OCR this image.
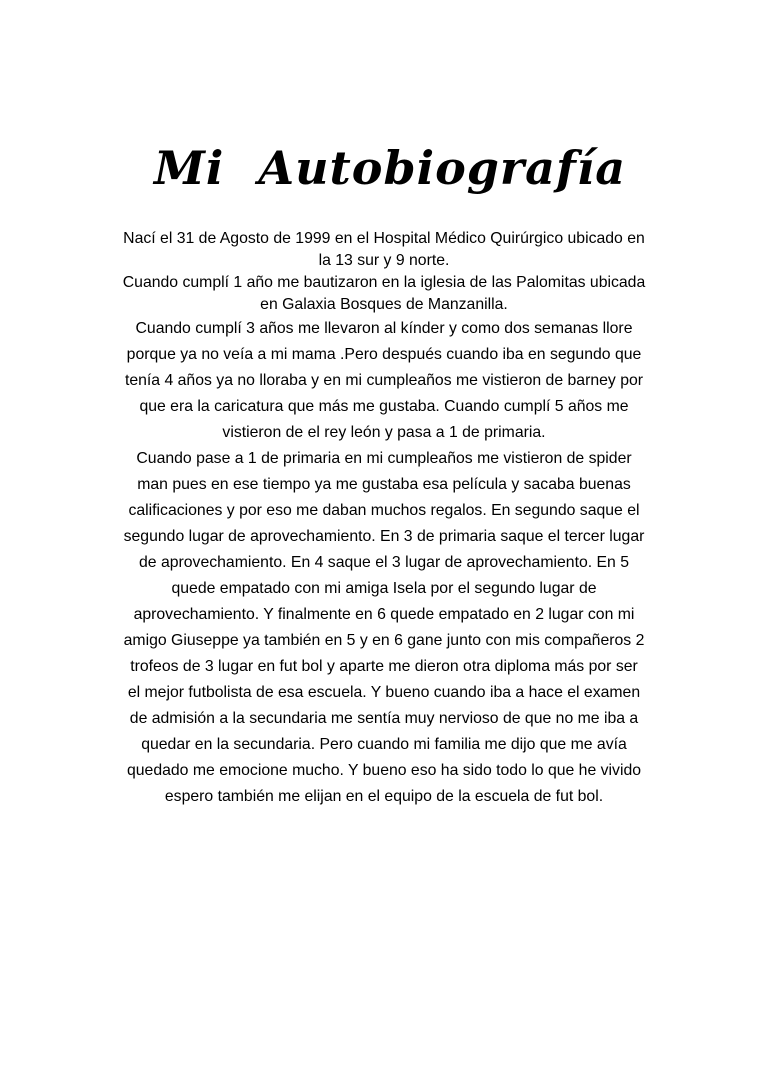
Mi  Autobiografía
Nací el 31 de Agosto de 1999 en el Hospital Médico Quirúrgico ubicado en
la 13 sur y 9 norte.
Cuando cumplí 1 año me bautizaron en la iglesia de las Palomitas ubicada
en Galaxia Bosques de Manzanilla.
Cuando cumplí 3 años me llevaron al kínder y como dos semanas llore
porque ya no veía a mi mama .Pero después cuando iba en segundo que
tenía 4 años ya no lloraba y en mi cumpleaños me vistieron de barney por
que era la caricatura que más me gustaba. Cuando cumplí 5 años me
vistieron de el rey león y pasa a 1 de primaria.
Cuando pase a 1 de primaria en mi cumpleaños me vistieron de spider
man pues en ese tiempo ya me gustaba esa película y sacaba buenas
calificaciones y por eso me daban muchos regalos. En segundo saque el
segundo lugar de aprovechamiento. En 3 de primaria saque el tercer lugar
de aprovechamiento. En 4 saque el 3 lugar de aprovechamiento. En 5
quede empatado con mi amiga Isela por el segundo lugar de
aprovechamiento. Y finalmente en 6 quede empatado en 2 lugar con mi
amigo Giuseppe ya también en 5 y en 6 gane junto con mis compañeros 2
trofeos de 3 lugar en fut bol y aparte me dieron otra diploma más por ser
el mejor futbolista de esa escuela. Y bueno cuando iba a hace el examen
de admisión a la secundaria me sentía muy nervioso de que no me iba a
quedar en la secundaria. Pero cuando mi familia me dijo que me avía
quedado me emocione mucho. Y bueno eso ha sido todo lo que he vivido
espero también me elijan en el equipo de la escuela de fut bol.
